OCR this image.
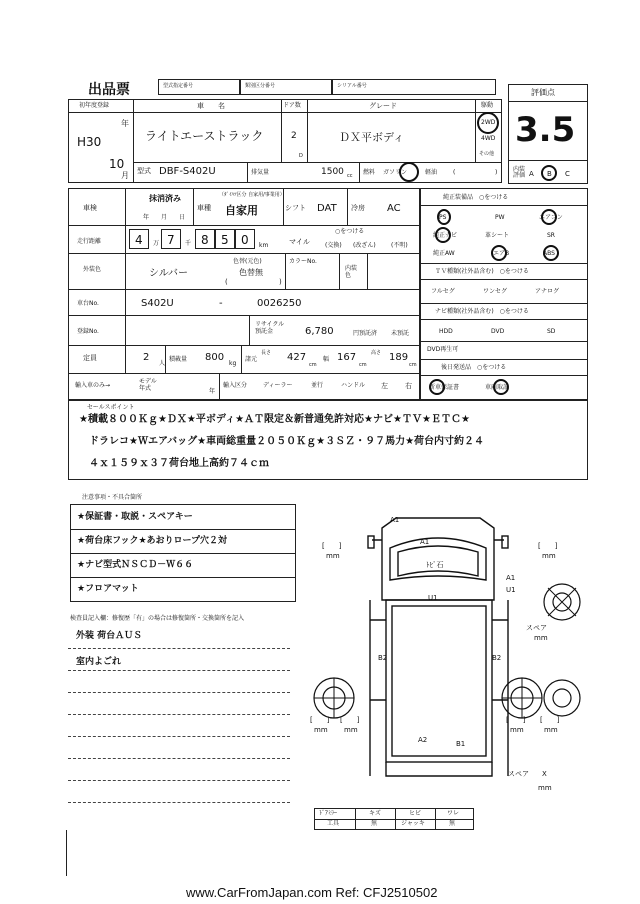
出品票	型式指定番号	類別区分番号	シリアル番号
評価点
3.5
内装
評価 A B C
初年度登録
H30
年
10
月
車　　名
ライトエーストラック
ドア数
2
D
グレード
ＤＸ平ボディ
駆動
2WD
4WD
その他
型式 DBF-S402U	排気量	1500 cc 燃料 ガソリン	軽油	(	)
車検
抹消済み
年 月 日
車種
（ﾀﾞｲﾊﾂ区分 自家用/事業用）
自家用	シフト DAT 冷房 AC
走行距離	4 万 7 千 8 5 0 km	マイル
○をつける
(交換) (改ざん)	(不明)
外装色	シルバー
色替(元色)
色替無
(	)
カラーNo.
内装
色
車台No.	S402U	-	0026250
登録No.
リサイクル
預託金	6,780	円預託済 未預託
定員	2
人
積載量 800
kg
諸元
長さ 427
cm
幅 167
cm
高さ 189
cm
輸入車のみ→
モデル
年式	年
輸入区分	ディーラー	並行	ハンドル 左 右
純正装備品　○をつける
PS	PW	エアコン
純正ナビ	革シート	SR
純正AW	エアB	ABS
ＴＶ種類(社外品含む)　○をつける
フルセグ	ワンセグ	アナログ
ナビ種類(社外品含む)　○をつける
HDD	DVD	SD
DVD再生可
後日発送品　○をつける
新車保証書	車両取説
セールスポイント
★積載８００Ｋｇ★ＤＸ★平ボディ★ＡＴ限定＆新普通免許対応★ナビ★ＴＶ★ＥＴＣ★
ドラレコ★Ｗエアバッグ★車両総重量２０５０Ｋｇ★３ＳＺ・９７馬力★荷台内寸約２４
４ｘ１５９ｘ３７荷台地上高約７４ｃｍ
注意事項・不具合箇所
★保証書・取説・スペアキー
★荷台床フック★あおりロープ穴２対
★ナビ型式ＮＳＣＤ－Ｗ６６
★フロアマット
検査員記入欄：修復歴「有」の場合は修復箇所・交換箇所を記入
外装 荷台ＡＵＳ
室内よごれ
A1
A1
ﾄﾋﾞ石
U1
A1
U1
B2	B2
A2	B1
スペア
スペア X
[　　]
mm
[　　]
mm
[　　]
mm
[　　]
mm
[　　]
mm
[　　]
mm
mm
mm
ﾄﾞｱﾐﾗｰ	キズ	ヒビ	ワレ
工具	無	ジャッキ	無
www.CarFromJapan.com Ref: CFJ2510502
